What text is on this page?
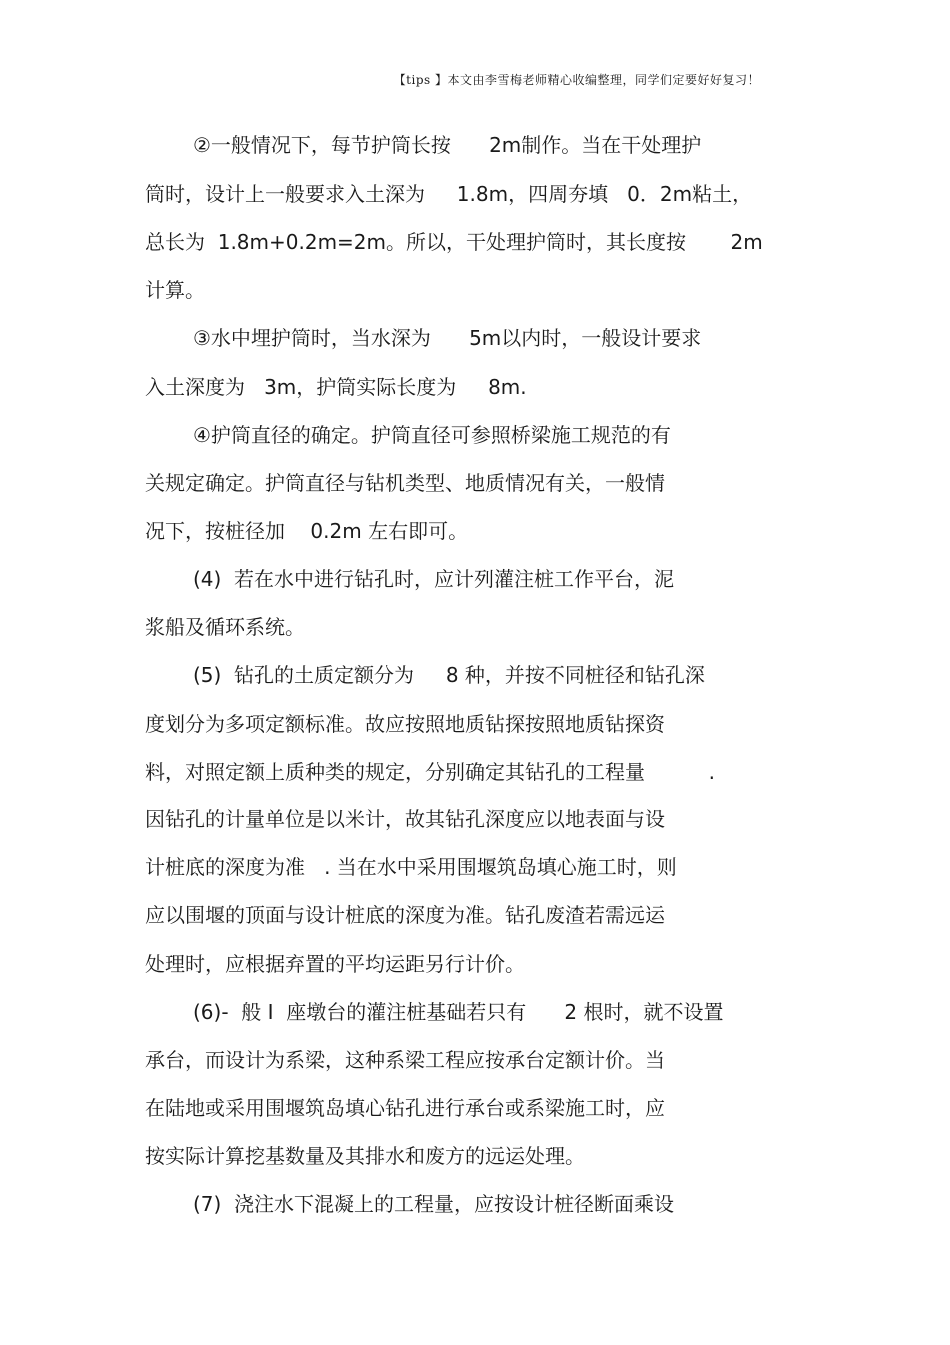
【tips 】本文由李雪梅老师精心收编整理，同学们定要好好复习！
②一般情况下，每节护筒长按      2m制作。当在干处理护
筒时，设计上一般要求入土深为     1.8m，四周夯填   0．2m粘土，
总长为  1.8m+0.2m=2m。所以，干处理护筒时，其长度按       2m
计算。
③水中埋护筒时，当水深为      5m以内时，一般设计要求
入土深度为   3m，护筒实际长度为     8m.
④护筒直径的确定。护筒直径可参照桥梁施工规范的有
关规定确定。护筒直径与钻机类型、地质情况有关，一般情
况下，按桩径加    0.2m 左右即可。
(4)  若在水中进行钻孔时，应计列灌注桩工作平台，泥
浆船及循环系统。
(5)  钻孔的土质定额分为     8 种，并按不同桩径和钻孔深
度划分为多项定额标准。故应按照地质钻探按照地质钻探资
料，对照定额上质种类的规定，分别确定其钻孔的工程量          .
因钻孔的计量单位是以米计，故其钻孔深度应以地表面与设
计桩底的深度为准   . 当在水中采用围堰筑岛填心施工时，则
应以围堰的顶面与设计桩底的深度为准。钻孔废渣若需远运
处理时，应根据弃置的平均运距另行计价。
(6)-  般 I  座墩台的灌注桩基础若只有      2 根时，就不设置
承台，而设计为系梁，这种系梁工程应按承台定额计价。当
在陆地或采用围堰筑岛填心钻孔进行承台或系梁施工时，应
按实际计算挖基数量及其排水和废方的远运处理。
(7)  浇注水下混凝上的工程量，应按设计桩径断面乘设
